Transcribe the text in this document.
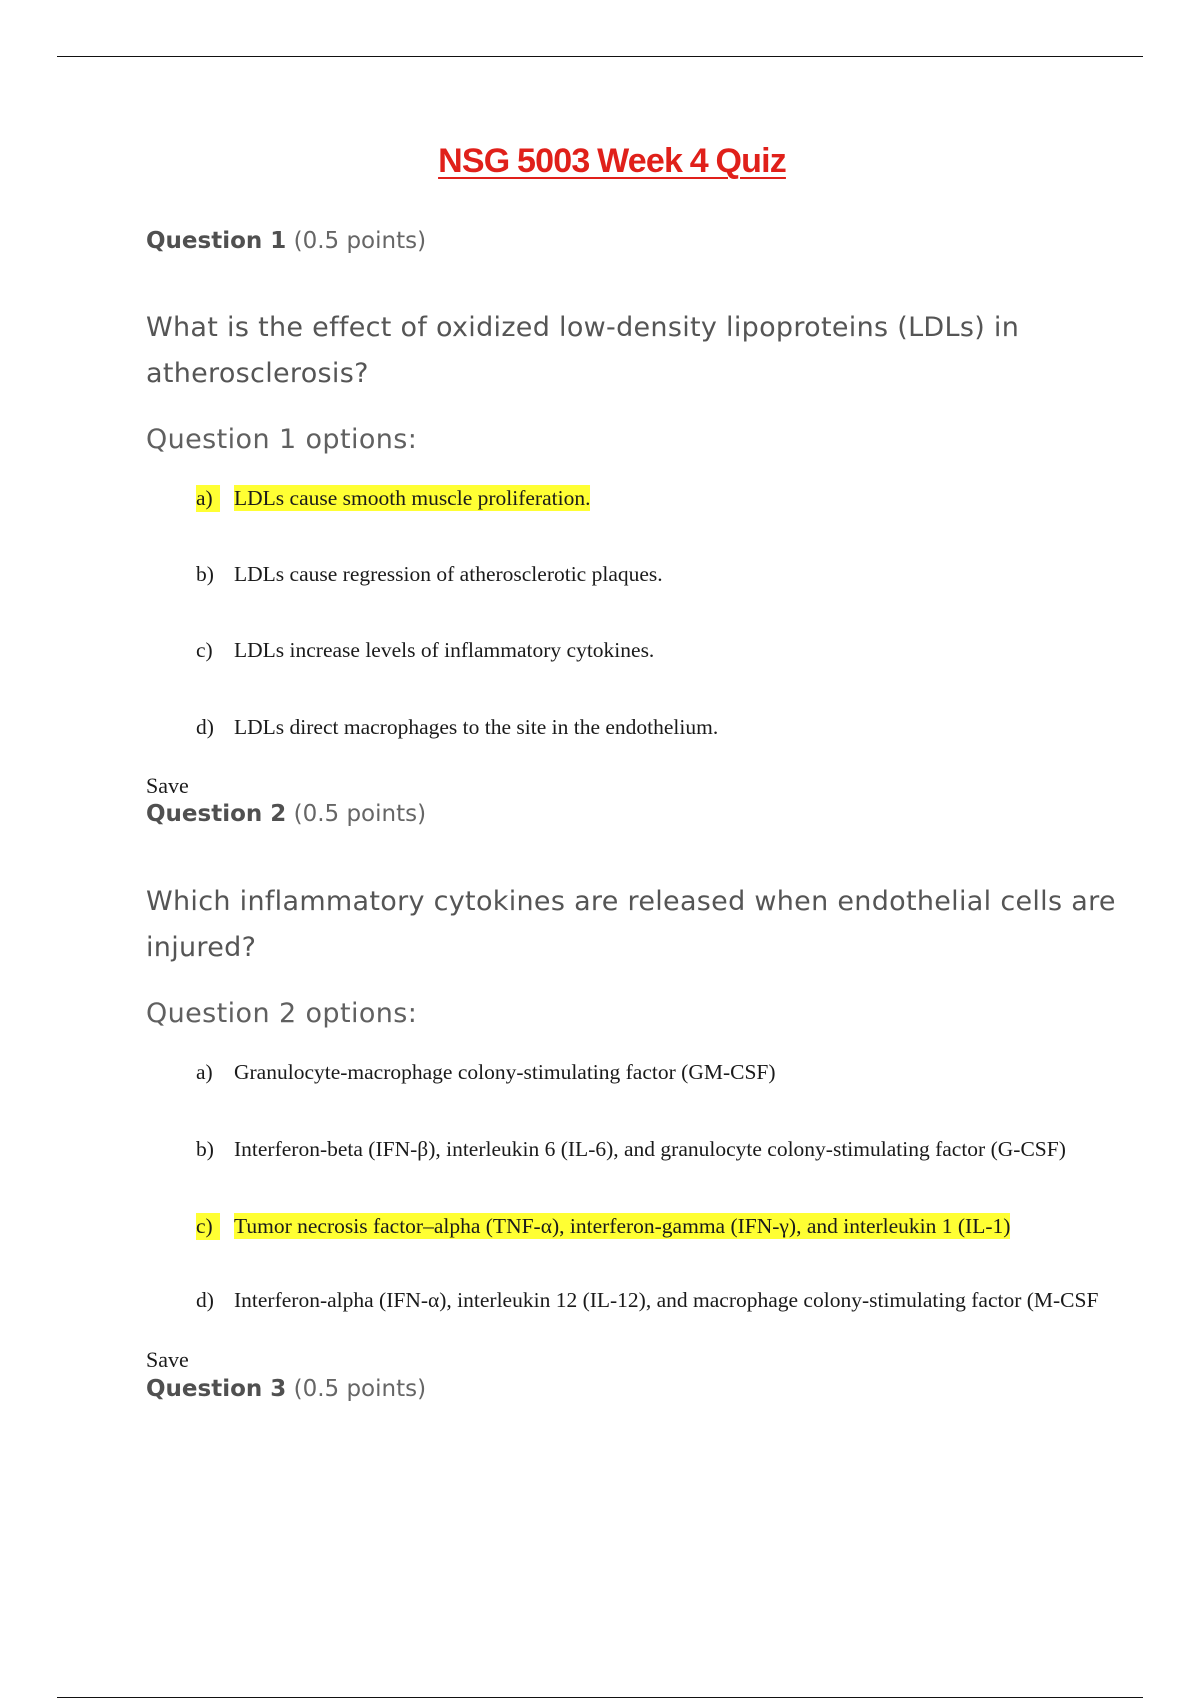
NSG 5003 Week 4 Quiz
Question 1 (0.5 points)
What is the effect of oxidized low-density lipoproteins (LDLs) in atherosclerosis?
Question 1 options:
a) LDLs cause smooth muscle proliferation.
b) LDLs cause regression of atherosclerotic plaques.
c) LDLs increase levels of inflammatory cytokines.
d) LDLs direct macrophages to the site in the endothelium.
Save
Question 2 (0.5 points)
Which inflammatory cytokines are released when endothelial cells are injured?
Question 2 options:
a) Granulocyte-macrophage colony-stimulating factor (GM-CSF)
b) Interferon-beta (IFN-β), interleukin 6 (IL-6), and granulocyte colony-stimulating factor (G-CSF)
c) Tumor necrosis factor–alpha (TNF-α), interferon-gamma (IFN-γ), and interleukin 1 (IL-1)
d) Interferon-alpha (IFN-α), interleukin 12 (IL-12), and macrophage colony-stimulating factor (M-CSF
Save
Question 3 (0.5 points)
